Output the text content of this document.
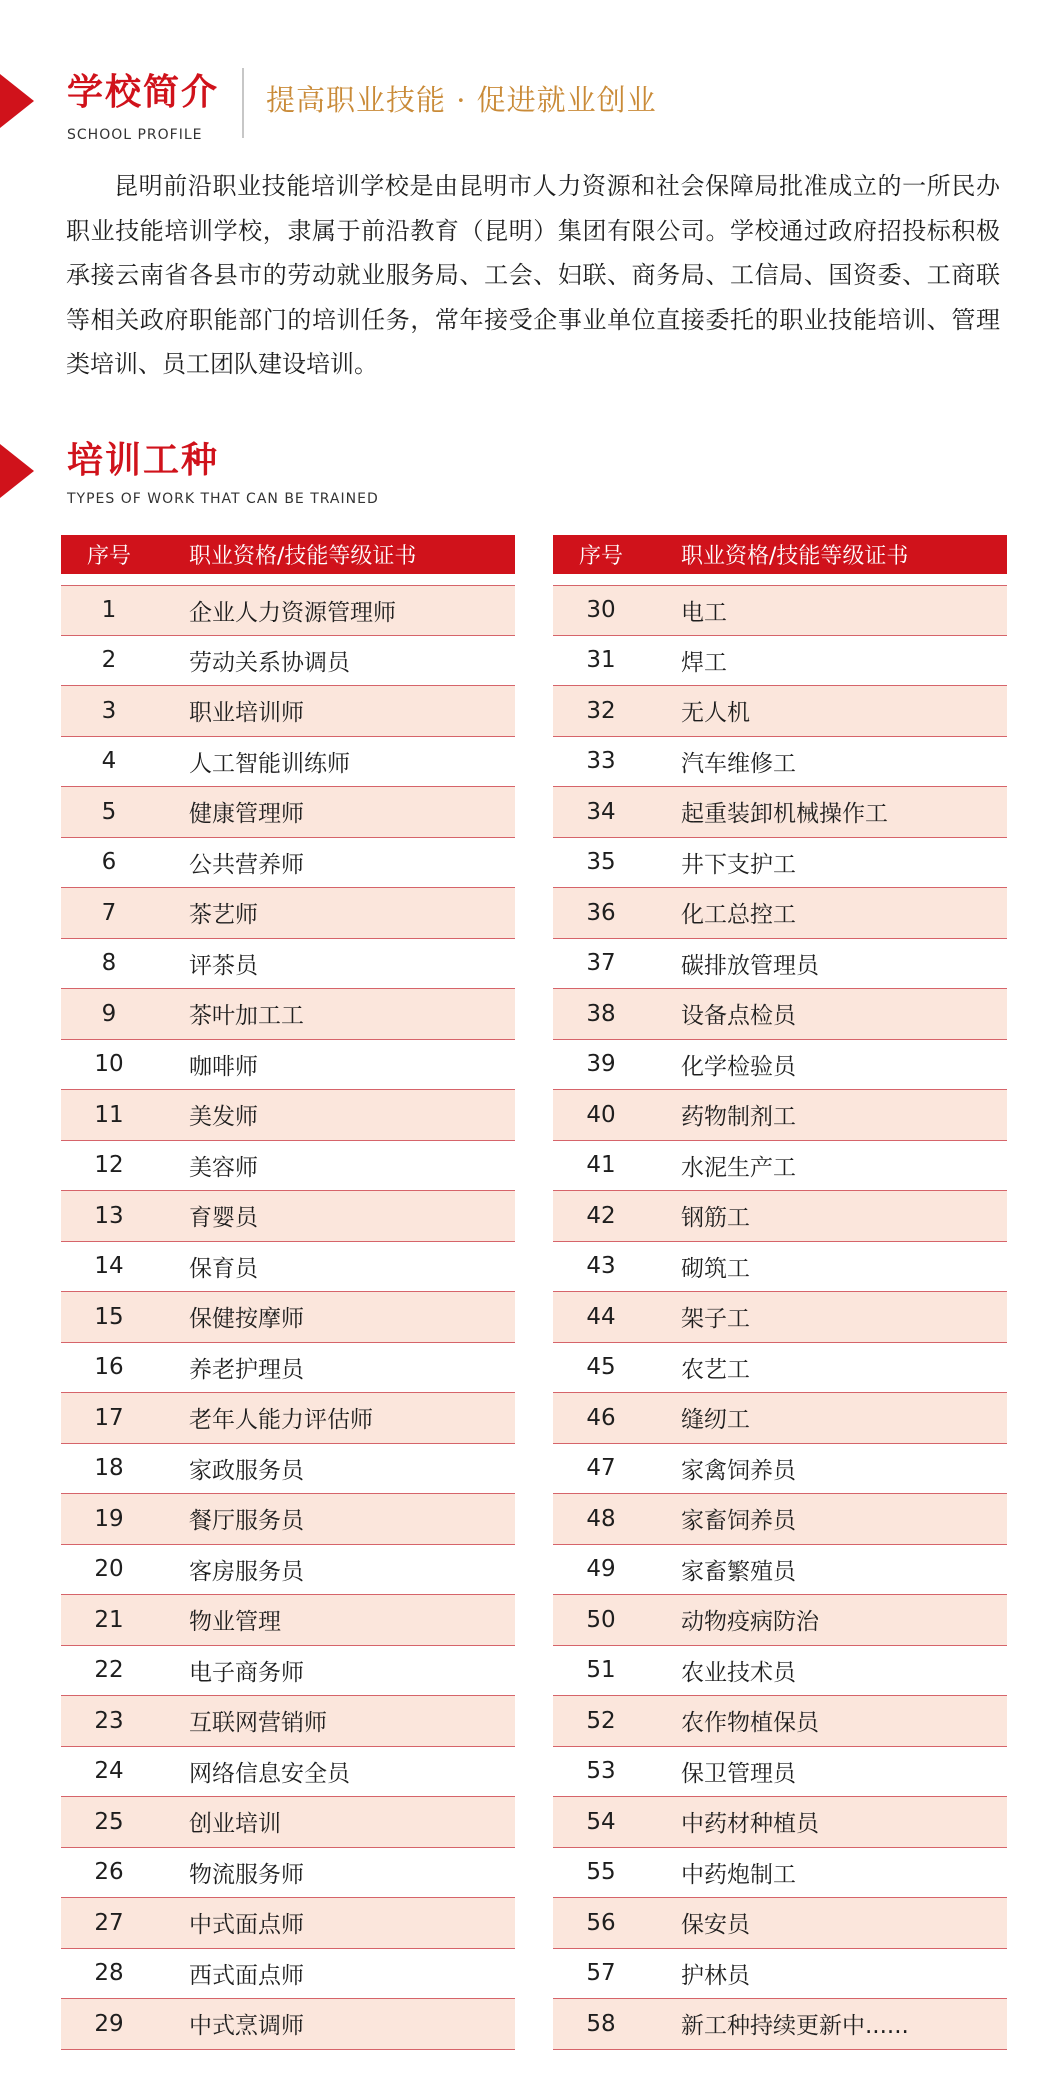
学校简介
SCHOOL PROFILE
提高职业技能 · 促进就业创业

昆明前沿职业技能培训学校是由昆明市人力资源和社会保障局批准成立的一所民办职业技能培训学校，隶属于前沿教育（昆明）集团有限公司。学校通过政府招投标积极承接云南省各县市的劳动就业服务局、工会、妇联、商务局、工信局、国资委、工商联等相关政府职能部门的培训任务，常年接受企事业单位直接委托的职业技能培训、管理类培训、员工团队建设培训。

培训工种
TYPES OF WORK THAT CAN BE TRAINED
序号	职业资格/技能等级证书
1	企业人力资源管理师
2	劳动关系协调员
3	职业培训师
4	人工智能训练师
5	健康管理师
6	公共营养师
7	茶艺师
8	评茶员
9	茶叶加工工
10	咖啡师
11	美发师
12	美容师
13	育婴员
14	保育员
15	保健按摩师
16	养老护理员
17	老年人能力评估师
18	家政服务员
19	餐厅服务员
20	客房服务员
21	物业管理
22	电子商务师
23	互联网营销师
24	网络信息安全员
25	创业培训
26	物流服务师
27	中式面点师
28	西式面点师
29	中式烹调师
序号	职业资格/技能等级证书
30	电工
31	焊工
32	无人机
33	汽车维修工
34	起重装卸机械操作工
35	井下支护工
36	化工总控工
37	碳排放管理员
38	设备点检员
39	化学检验员
40	药物制剂工
41	水泥生产工
42	钢筋工
43	砌筑工
44	架子工
45	农艺工
46	缝纫工
47	家禽饲养员
48	家畜饲养员
49	家畜繁殖员
50	动物疫病防治
51	农业技术员
52	农作物植保员
53	保卫管理员
54	中药材种植员
55	中药炮制工
56	保安员
57	护林员
58	新工种持续更新中......
